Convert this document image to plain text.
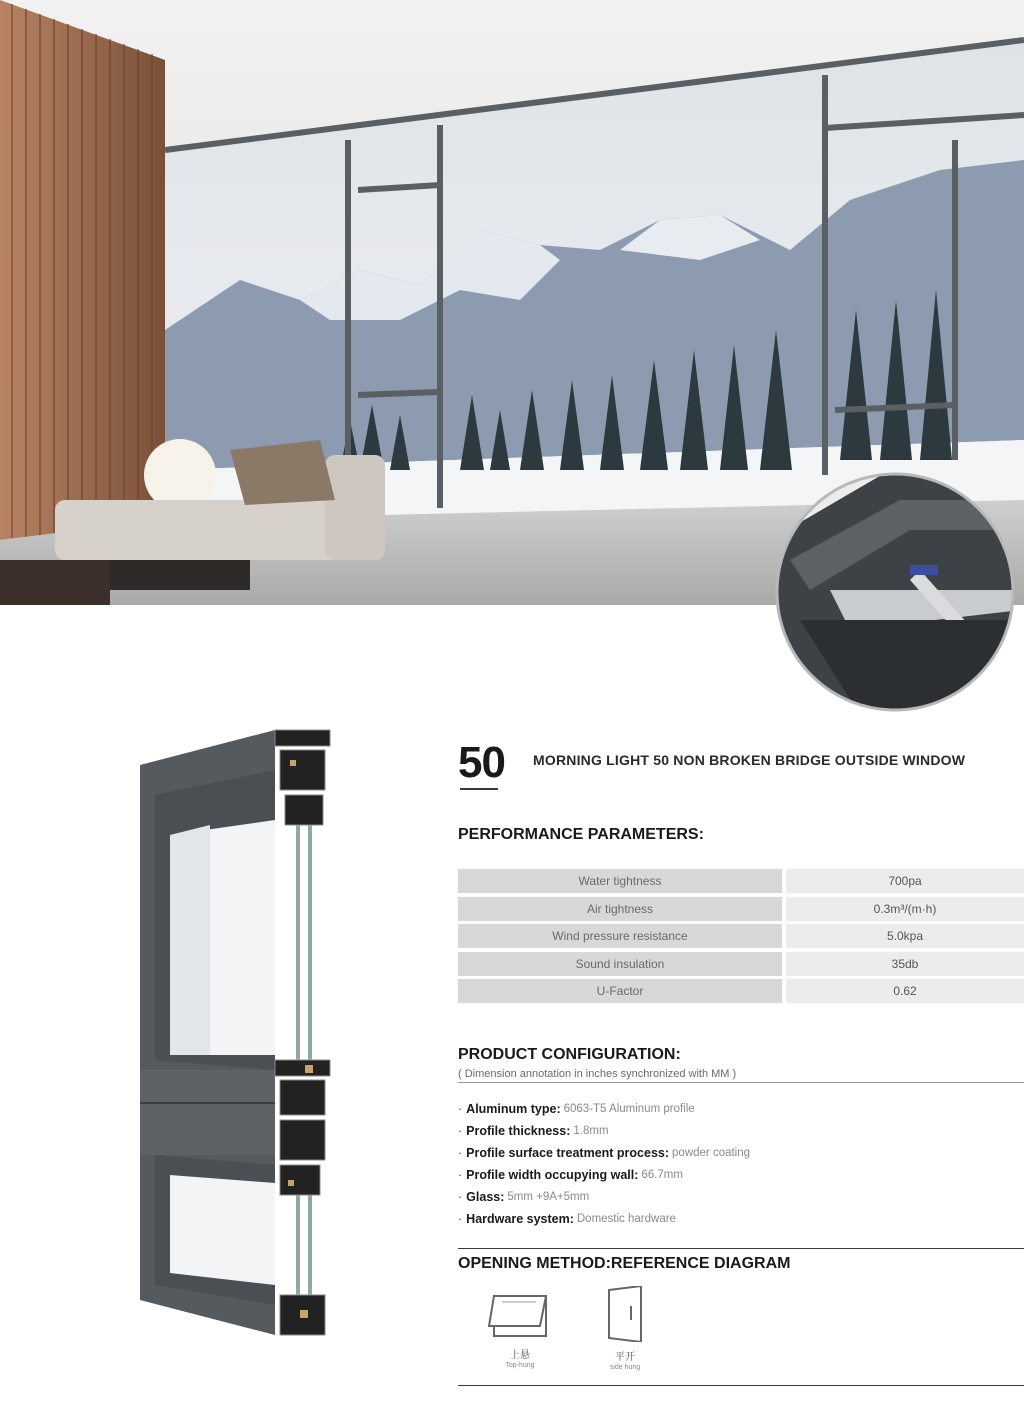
50 MORNING LIGHT 50 NON BROKEN BRIDGE OUTSIDE WINDOW
PERFORMANCE PARAMETERS:
Water tightness	700pa
Air tightness	0.3m³/(m·h)
Wind pressure resistance	5.0kpa
Sound insulation	35db
U-Factor	0.62
PRODUCT CONFIGURATION:
( Dimension annotation in inches synchronized with MM )
· Aluminum type: 6063-T5 Aluminum profile
· Profile thickness: 1.8mm
· Profile surface treatment process: powder coating
· Profile width occupying wall: 66.7mm
· Glass: 5mm +9A+5mm
· Hardware system: Domestic hardware
OPENING METHOD:REFERENCE DIAGRAM
上悬
Top-hung
平开
side hung
